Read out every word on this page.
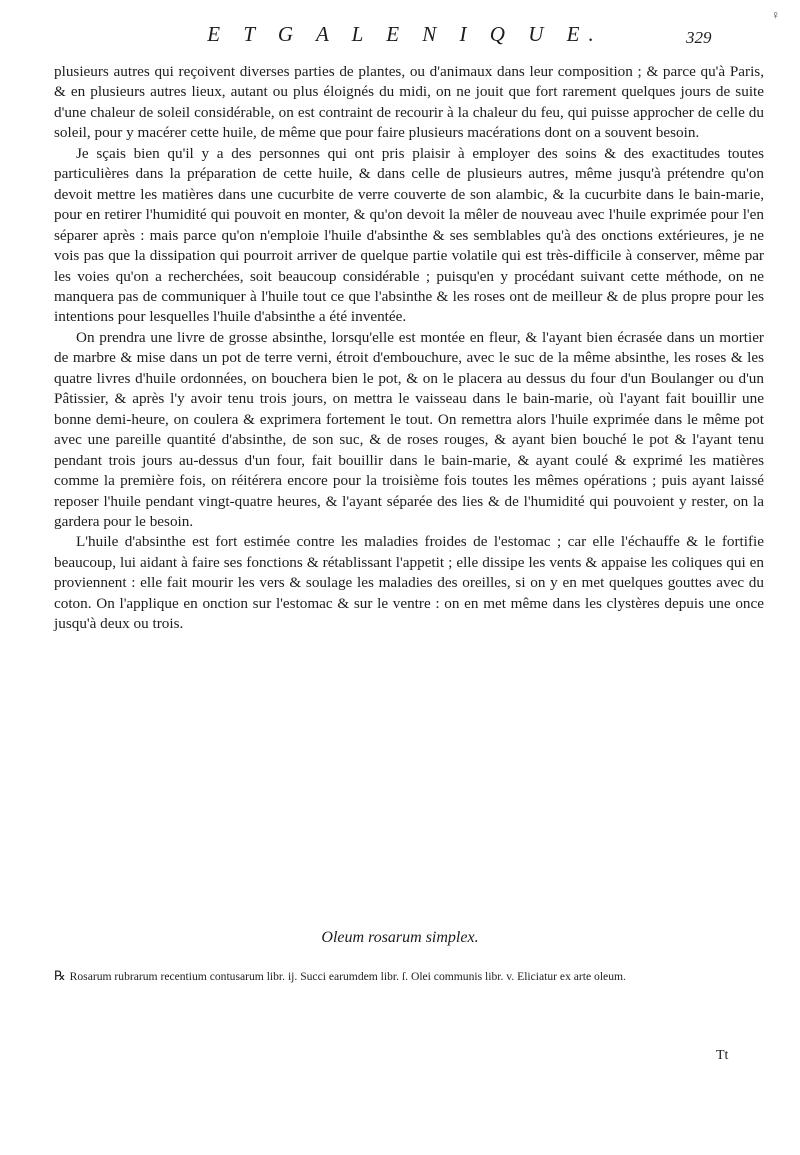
♀
E T G A L E N I Q U E.	329

plusieurs autres qui reçoivent diverses parties de plantes, ou d'animaux dans leur composition ; & parce qu'à Paris, & en plusieurs autres lieux, autant ou plus éloignés du midi, on ne jouit que fort rarement quelques jours de suite d'une chaleur de soleil considérable, on est contraint de recourir à la chaleur du feu, qui puisse approcher de celle du soleil, pour y macérer cette huile, de même que pour faire plusieurs macérations dont on a souvent besoin.

Je sçais bien qu'il y a des personnes qui ont pris plaisir à employer des soins & des exactitudes toutes particulières dans la préparation de cette huile, & dans celle de plusieurs autres, même jusqu'à prétendre qu'on devoit mettre les matières dans une cucurbite de verre couverte de son alambic, & la cucurbite dans le bain-marie, pour en retirer l'humidité qui pouvoit en monter, & qu'on devoit la mêler de nouveau avec l'huile exprimée pour l'en séparer après : mais parce qu'on n'emploie l'huile d'absinthe & ses semblables qu'à des onctions extérieures, je ne vois pas que la dissipation qui pourroit arriver de quelque partie volatile qui est très-difficile à conserver, même par les voies qu'on a recherchées, soit beaucoup considérable ; puisqu'en y procédant suivant cette méthode, on ne manquera pas de communiquer à l'huile tout ce que l'absinthe & les roses ont de meilleur & de plus propre pour les intentions pour lesquelles l'huile d'absinthe a été inventée.

On prendra une livre de grosse absinthe, lorsqu'elle est montée en fleur, & l'ayant bien écrasée dans un mortier de marbre & mise dans un pot de terre verni, étroit d'embouchure, avec le suc de la même absinthe, les roses & les quatre livres d'huile ordonnées, on bouchera bien le pot, & on le placera au dessus du four d'un Boulanger ou d'un Pâtissier, & après l'y avoir tenu trois jours, on mettra le vaisseau dans le bain-marie, où l'ayant fait bouillir une bonne demi-heure, on coulera & exprimera fortement le tout. On remettra alors l'huile exprimée dans le même pot avec une pareille quantité d'absinthe, de son suc, & de roses rouges, & ayant bien bouché le pot & l'ayant tenu pendant trois jours au-dessus d'un four, fait bouillir dans le bain-marie, & ayant coulé & exprimé les matières comme la première fois, on réitérera encore pour la troisième fois toutes les mêmes opérations ; puis ayant laissé reposer l'huile pendant vingt-quatre heures, & l'ayant séparée des lies & de l'humidité qui pouvoient y rester, on la gardera pour le besoin.

L'huile d'absinthe est fort estimée contre les maladies froides de l'estomac ; car elle l'échauffe & le fortifie beaucoup, lui aidant à faire ses fonctions & rétablissant l'appetit ; elle dissipe les vents & appaise les coliques qui en proviennent : elle fait mourir les vers & soulage les maladies des oreilles, si on y en met quelques gouttes avec du coton. On l'applique en onction sur l'estomac & sur le ventre : on en met même dans les clystères depuis une once jusqu'à deux ou trois.

Oleum rosarum simplex.
℞ Rosarum rubrarum recentium contusarum libr. ij. Succi earumdem libr. ſ. Olei communis libr. v. Eliciatur ex arte oleum.
Tt
